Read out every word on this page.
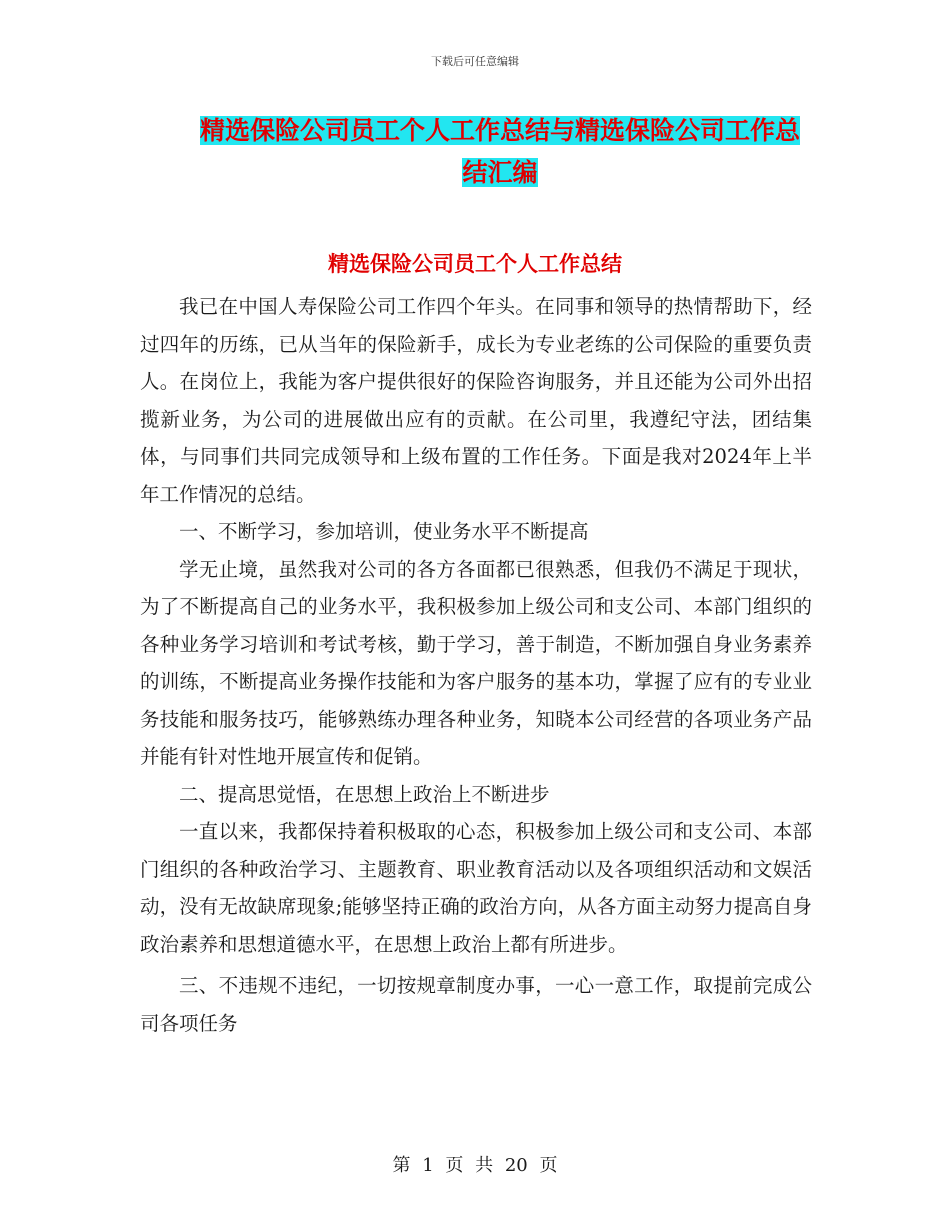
下载后可任意编辑
精选保险公司员工个人工作总结与精选保险公司工作总结汇编
精选保险公司员工个人工作总结

我已在中国人寿保险公司工作四个年头。在同事和领导的热情帮助下，经过四年的历练，已从当年的保险新手，成长为专业老练的公司保险的重要负责人。在岗位上，我能为客户提供很好的保险咨询服务，并且还能为公司外出招揽新业务，为公司的进展做出应有的贡献。在公司里，我遵纪守法，团结集体，与同事们共同完成领导和上级布置的工作任务。下面是我对2024年上半年工作情况的总结。

一、不断学习，参加培训，使业务水平不断提高

学无止境，虽然我对公司的各方各面都已很熟悉，但我仍不满足于现状，为了不断提高自己的业务水平，我积极参加上级公司和支公司、本部门组织的各种业务学习培训和考试考核，勤于学习，善于制造，不断加强自身业务素养的训练，不断提高业务操作技能和为客户服务的基本功，掌握了应有的专业业务技能和服务技巧，能够熟练办理各种业务，知晓本公司经营的各项业务产品并能有针对性地开展宣传和促销。

二、提高思觉悟，在思想上政治上不断进步

一直以来，我都保持着积极取的心态，积极参加上级公司和支公司、本部门组织的各种政治学习、主题教育、职业教育活动以及各项组织活动和文娱活动，没有无故缺席现象;能够坚持正确的政治方向，从各方面主动努力提高自身政治素养和思想道德水平，在思想上政治上都有所进步。

三、不违规不违纪，一切按规章制度办事，一心一意工作，取提前完成公司各项任务

第 1 页 共 20 页
